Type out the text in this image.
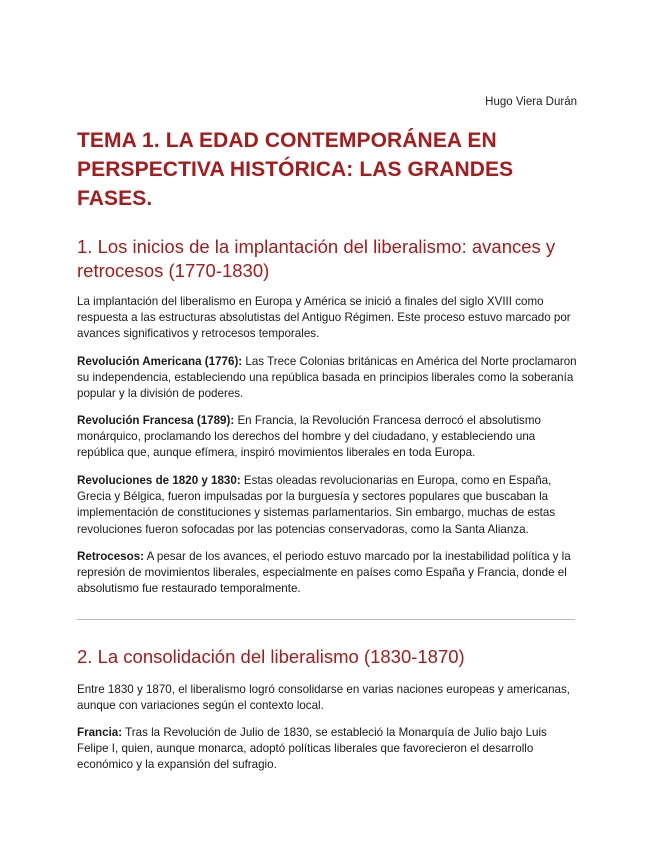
Hugo Viera Durán
TEMA 1. LA EDAD CONTEMPORÁNEA EN PERSPECTIVA HISTÓRICA: LAS GRANDES FASES.
1. Los inicios de la implantación del liberalismo: avances y retrocesos (1770-1830)

La implantación del liberalismo en Europa y América se inició a finales del siglo XVIII como respuesta a las estructuras absolutistas del Antiguo Régimen. Este proceso estuvo marcado por avances significativos y retrocesos temporales.

Revolución Americana (1776): Las Trece Colonias británicas en América del Norte proclamaron su independencia, estableciendo una república basada en principios liberales como la soberanía popular y la división de poderes.

Revolución Francesa (1789): En Francia, la Revolución Francesa derrocó el absolutismo monárquico, proclamando los derechos del hombre y del ciudadano, y estableciendo una república que, aunque efímera, inspiró movimientos liberales en toda Europa.

Revoluciones de 1820 y 1830: Estas oleadas revolucionarias en Europa, como en España, Grecia y Bélgica, fueron impulsadas por la burguesía y sectores populares que buscaban la implementación de constituciones y sistemas parlamentarios. Sin embargo, muchas de estas revoluciones fueron sofocadas por las potencias conservadoras, como la Santa Alianza.

Retrocesos: A pesar de los avances, el periodo estuvo marcado por la inestabilidad política y la represión de movimientos liberales, especialmente en países como España y Francia, donde el absolutismo fue restaurado temporalmente.

2. La consolidación del liberalismo (1830-1870)

Entre 1830 y 1870, el liberalismo logró consolidarse en varias naciones europeas y americanas, aunque con variaciones según el contexto local.

Francia: Tras la Revolución de Julio de 1830, se estableció la Monarquía de Julio bajo Luis Felipe I, quien, aunque monarca, adoptó políticas liberales que favorecieron el desarrollo económico y la expansión del sufragio.
